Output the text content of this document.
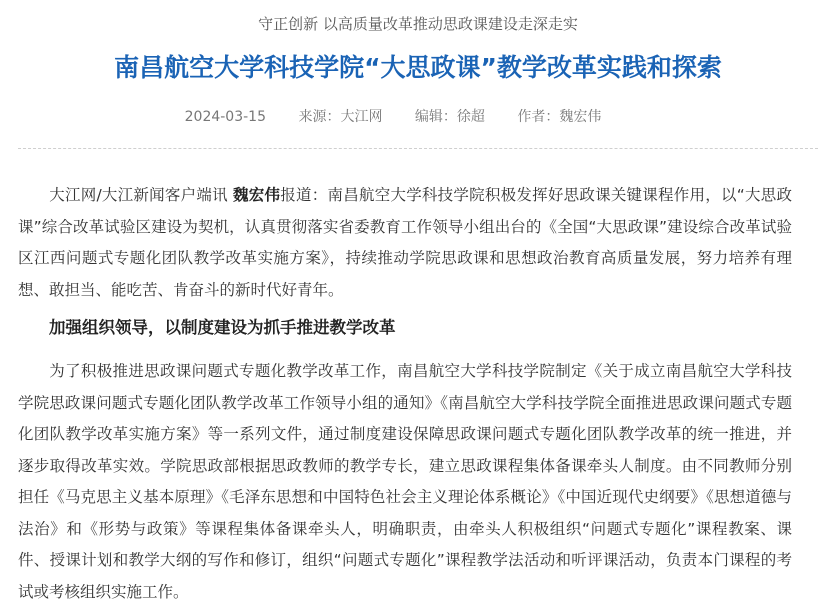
守正创新 以高质量改革推动思政课建设走深走实
南昌航空大学科技学院“大思政课”教学改革实践和探索
2024-03-15 来源：大江网 编辑：徐超 作者：魏宏伟
大江网/大江新闻客户端讯 魏宏伟报道：南昌航空大学科技学院积极发挥好思政课关键课程作用，以“大思政课”综合改革试验区建设为契机，认真贯彻落实省委教育工作领导小组出台的《全国“大思政课”建设综合改革试验区江西问题式专题化团队教学改革实施方案》，持续推动学院思政课和思想政治教育高质量发展，努力培养有理想、敢担当、能吃苦、肯奋斗的新时代好青年。
加强组织领导，以制度建设为抓手推进教学改革
为了积极推进思政课问题式专题化教学改革工作，南昌航空大学科技学院制定《关于成立南昌航空大学科技学院思政课问题式专题化团队教学改革工作领导小组的通知》《南昌航空大学科技学院全面推进思政课问题式专题化团队教学改革实施方案》等一系列文件，通过制度建设保障思政课问题式专题化团队教学改革的统一推进，并逐步取得改革实效。学院思政部根据思政教师的教学专长，建立思政课程集体备课牵头人制度。由不同教师分别担任《马克思主义基本原理》《毛泽东思想和中国特色社会主义理论体系概论》《中国近现代史纲要》《思想道德与法治》和《形势与政策》等课程集体备课牵头人，明确职责，由牵头人积极组织“问题式专题化”课程教案、课件、授课计划和教学大纲的写作和修订，组织“问题式专题化”课程教学法活动和听评课活动，负责本门课程的考试或考核组织实施工作。
